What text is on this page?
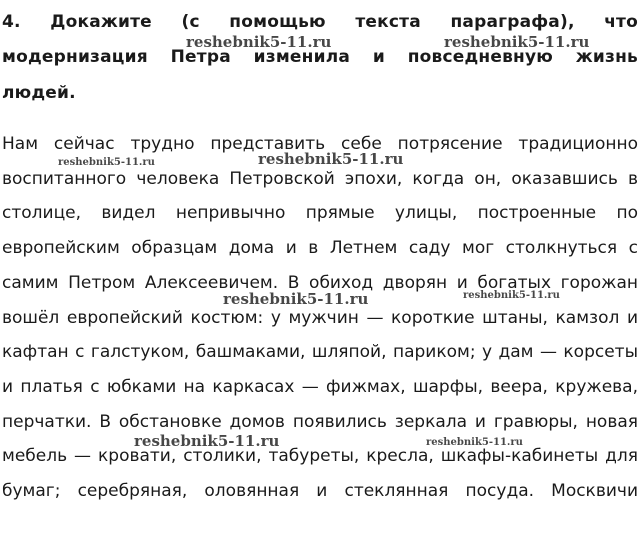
4. Докажите (с помощью текста параграфа), что
модернизация Петра изменила и повседневную жизнь
людей.
Нам сейчас трудно представить себе потрясение традиционно
воспитанного человека Петровской эпохи, когда он, оказавшись в
столице, видел непривычно прямые улицы, построенные по
европейским образцам дома и в Летнем саду мог столкнуться с
самим Петром Алексеевичем. В обиход дворян и богатых горожан
вошёл европейский костюм: у мужчин — короткие штаны, камзол и
кафтан с галстуком, башмаками, шляпой, париком; у дам — корсеты
и платья с юбками на каркасах — фижмах, шарфы, веера, кружева,
перчатки. В обстановке домов появились зеркала и гравюры, новая
мебель — кровати, столики, табуреты, кресла, шкафы-кабинеты для
бумаг; серебряная, оловянная и стеклянная посуда. Москвичи
reshebnik5-11.ru	reshebnik5-11.ru
reshebnik5-11.ru	reshebnik5-11.ru
reshebnik5-11.ru	reshebnik5-11.ru
reshebnik5-11.ru	reshebnik5-11.ru
